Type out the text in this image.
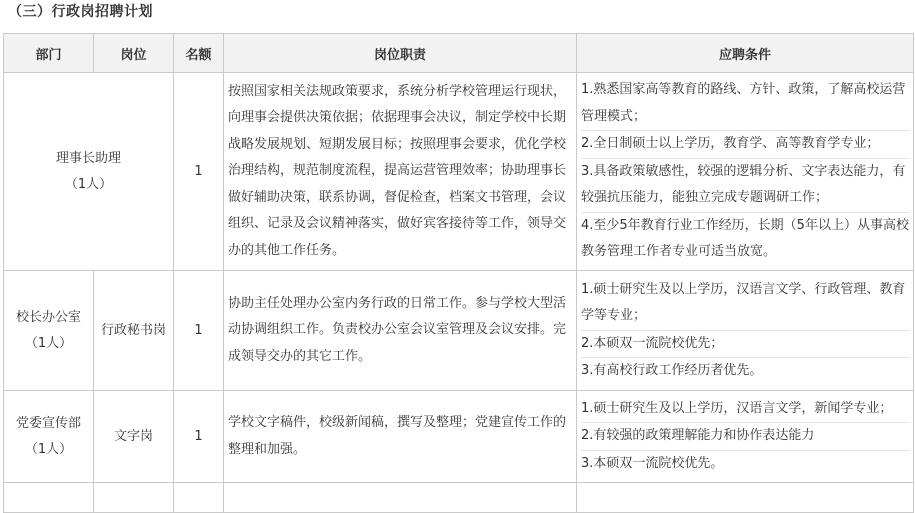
（三）行政岗招聘计划
部门	岗位	名额	岗位职责	应聘条件

理事长助理
（1人）		1	按照国家相关法规政策要求，系统分析学校管理运行现状，向理事会提供决策依据；依据理事会决议，制定学校中长期战略发展规划、短期发展目标；按照理事会要求，优化学校治理结构，规范制度流程，提高运营管理效率；协助理事长做好辅助决策，联系协调，督促检查，档案文书管理，会议组织、记录及会议精神落实，做好宾客接待等工作，领导交办的其他工作任务。	1.熟悉国家高等教育的路线、方针、政策，了解高校运营管理模式；
2.全日制硕士以上学历，教育学、高等教育学专业；
3.具备政策敏感性，较强的逻辑分析、文字表达能力，有较强抗压能力，能独立完成专题调研工作；
4.至少5年教育行业工作经历，长期（5年以上）从事高校教务管理工作者专业可适当放宽。

校长办公室
（1人）	行政秘书岗	1	协助主任处理办公室内务行政的日常工作。参与学校大型活动协调组织工作。负责校办公室会议室管理及会议安排。完成领导交办的其它工作。	1.硕士研究生及以上学历，汉语言文学、行政管理、教育学等专业；
2.本硕双一流院校优先；
3.有高校行政工作经历者优先。

党委宣传部
（1人）	文字岗	1	学校文字稿件，校级新闻稿，撰写及整理；党建宣传工作的整理和加强。	1.硕士研究生及以上学历，汉语言文学，新闻学专业；
2.有较强的政策理解能力和协作表达能力
3.本硕双一流院校优先。
